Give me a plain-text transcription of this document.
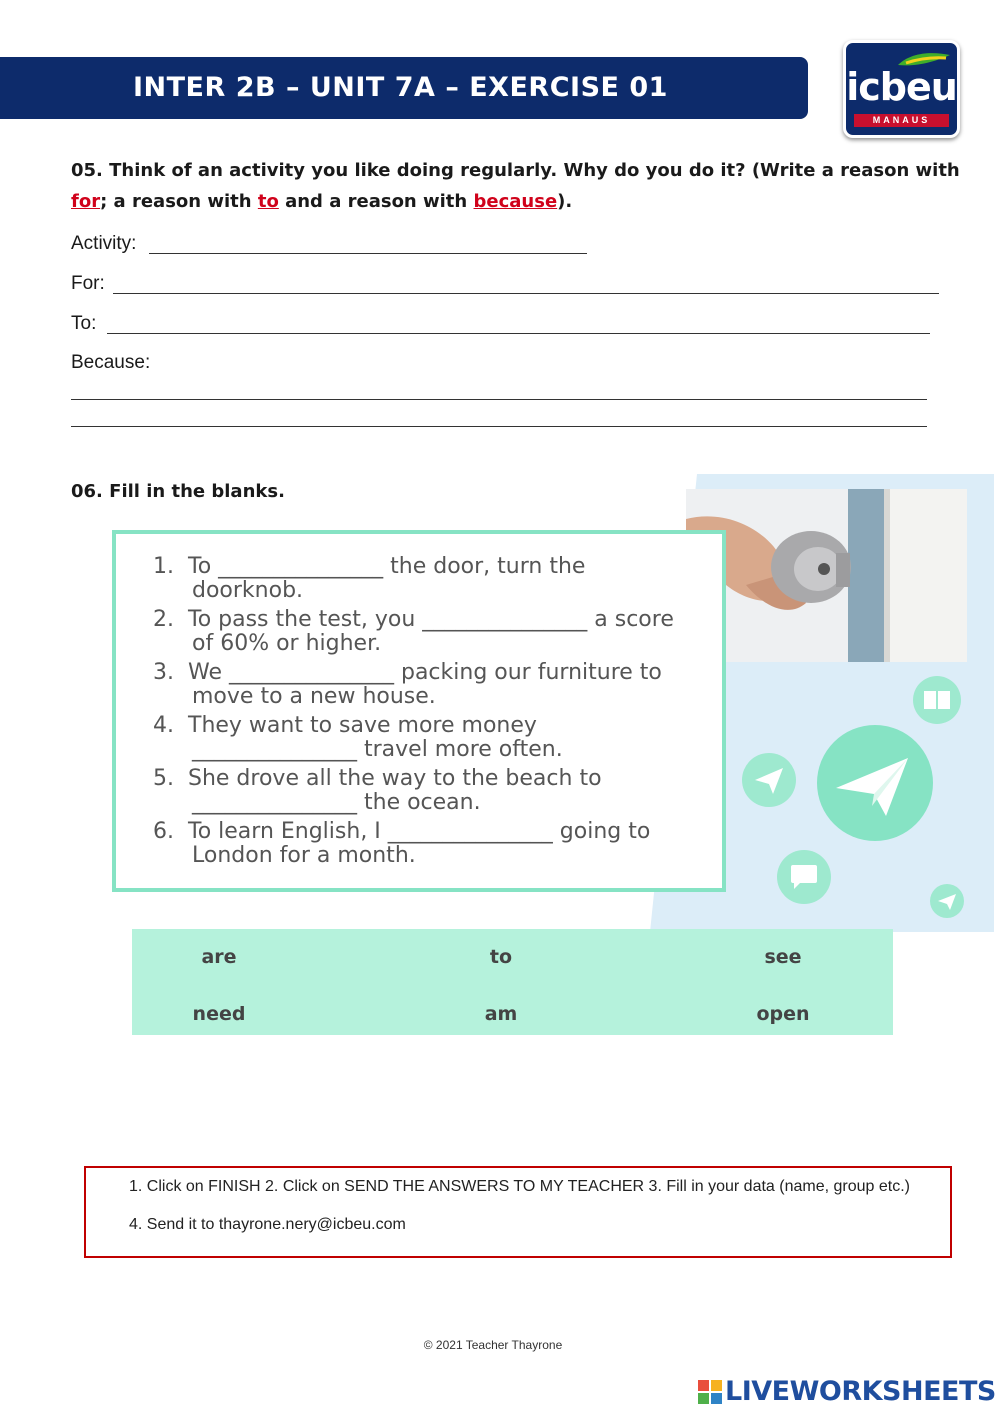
INTER 2B – UNIT 7A – EXERCISE 01	icbeu
MANAUS
05. Think of an activity you like doing regularly. Why do you do it? (Write a reason with
for; a reason with to and a reason with because).
Activity:
For:
To:
Because:
06. Fill in the blanks.
1. To _______________ the door, turn the
doorknob.
2. To pass the test, you _______________ a score
of 60% or higher.
3. We _______________ packing our furniture to
move to a new house.
4. They want to save more money
_______________ travel more often.
5. She drove all the way to the beach to
_______________ the ocean.
6. To learn English, I _______________ going to
London for a month.
are	to	see
need	am	open
1. Click on FINISH 2. Click on SEND THE ANSWERS TO MY TEACHER 3. Fill in your data (name, group etc.)
4. Send it to thayrone.nery@icbeu.com
© 2021 Teacher Thayrone
LIVEWORKSHEETS
